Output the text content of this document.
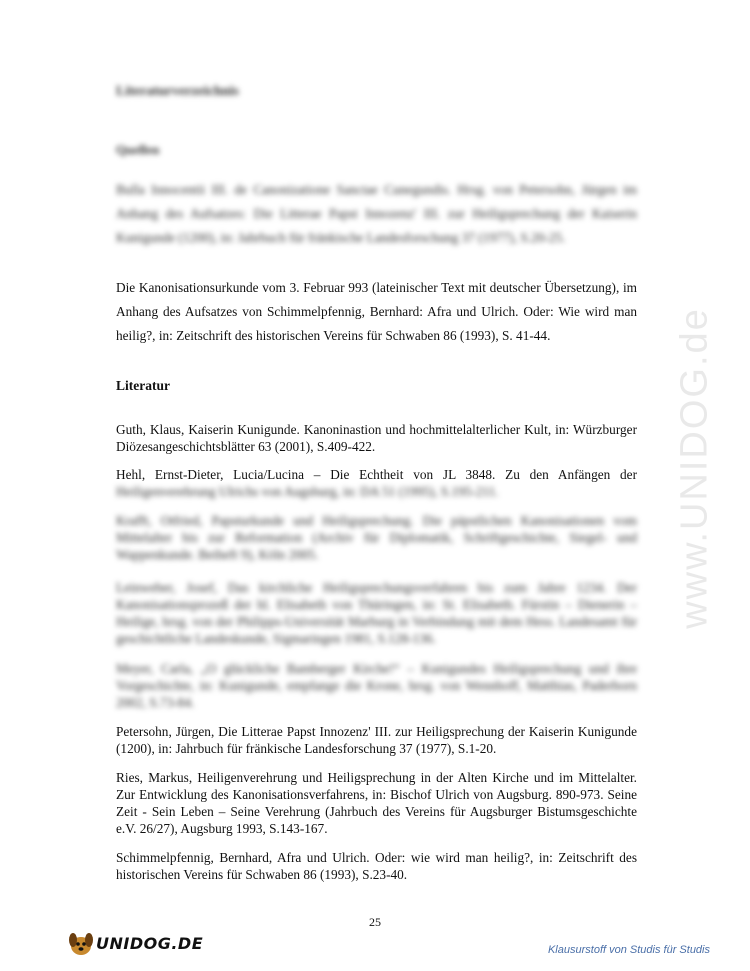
www.UNIDOG.de
Literaturverzeichnis
Quellen

Bulla Innocentii III. de Canonizatione Sanctae Cunegundis. Hrsg. von Petersohn, Jürgen im Anhang des Aufsatzes: Die Litterae Papst Innozenz' III. zur Heiligsprechung der Kaiserin Kunigunde (1200), in: Jahrbuch für fränkische Landesforschung 37 (1977), S.20-25.

Die Kanonisationsurkunde vom 3. Februar 993 (lateinischer Text mit deutscher Übersetzung), im Anhang des Aufsatzes von Schimmelpfennig, Bernhard: Afra und Ulrich. Oder: Wie wird man heilig?, in: Zeitschrift des historischen Vereins für Schwaben 86 (1993), S. 41-44.

Literatur

Guth, Klaus, Kaiserin Kunigunde. Kanoninastion und hochmittelalterlicher Kult, in: Würzburger Diözesangeschichtsblätter 63 (2001), S.409-422.

Hehl, Ernst-Dieter, Lucia/Lucina – Die Echtheit von JL 3848. Zu den Anfängen der
Heiligenverehrung Ulrichs von Augsburg, in: DA 51 (1995), S.195-211.

Krafft, Otfried, Papsturkunde und Heiligsprechung. Die päpstlichen Kanonisationen vom Mittelalter bis zur Reformation (Archiv für Diplomatik, Schriftgeschichte, Siegel- und Wappenkunde. Beiheft 9), Köln 2005.

Leinweber, Josef, Das kirchliche Heiligsprechungsverfahren bis zum Jahre 1234. Der Kanonisationsprozeß der hl. Elisabeth von Thüringen, in: St. Elisabeth. Fürstin – Dienerin – Heilige, hrsg. von der Philipps-Universität Marburg in Verbindung mit dem Hess. Landesamt für geschichtliche Landeskunde, Sigmaringen 1981, S.128-136.

Meyer, Carla, „O glückliche Bamberger Kirche!“ – Kunigundes Heiligsprechung und ihre Vorgeschichte, in: Kunigunde, empfange die Krone, hrsg. von Wennhoff, Matthias, Paderborn 2002, S.73-84.

Petersohn, Jürgen, Die Litterae Papst Innozenz' III. zur Heiligsprechung der Kaiserin Kunigunde (1200), in: Jahrbuch für fränkische Landesforschung 37 (1977), S.1-20.

Ries, Markus, Heiligenverehrung und Heiligsprechung in der Alten Kirche und im Mittelalter. Zur Entwicklung des Kanonisationsverfahrens, in: Bischof Ulrich von Augsburg. 890-973. Seine Zeit - Sein Leben – Seine Verehrung (Jahrbuch des Vereins für Augsburger Bistumsgeschichte e.V. 26/27), Augsburg 1993, S.143-167.

Schimmelpfennig, Bernhard, Afra und Ulrich. Oder: wie wird man heilig?, in: Zeitschrift des historischen Vereins für Schwaben 86 (1993), S.23-40.

25

UNIDOG.DE	Klausurstoff von Studis für Studis
